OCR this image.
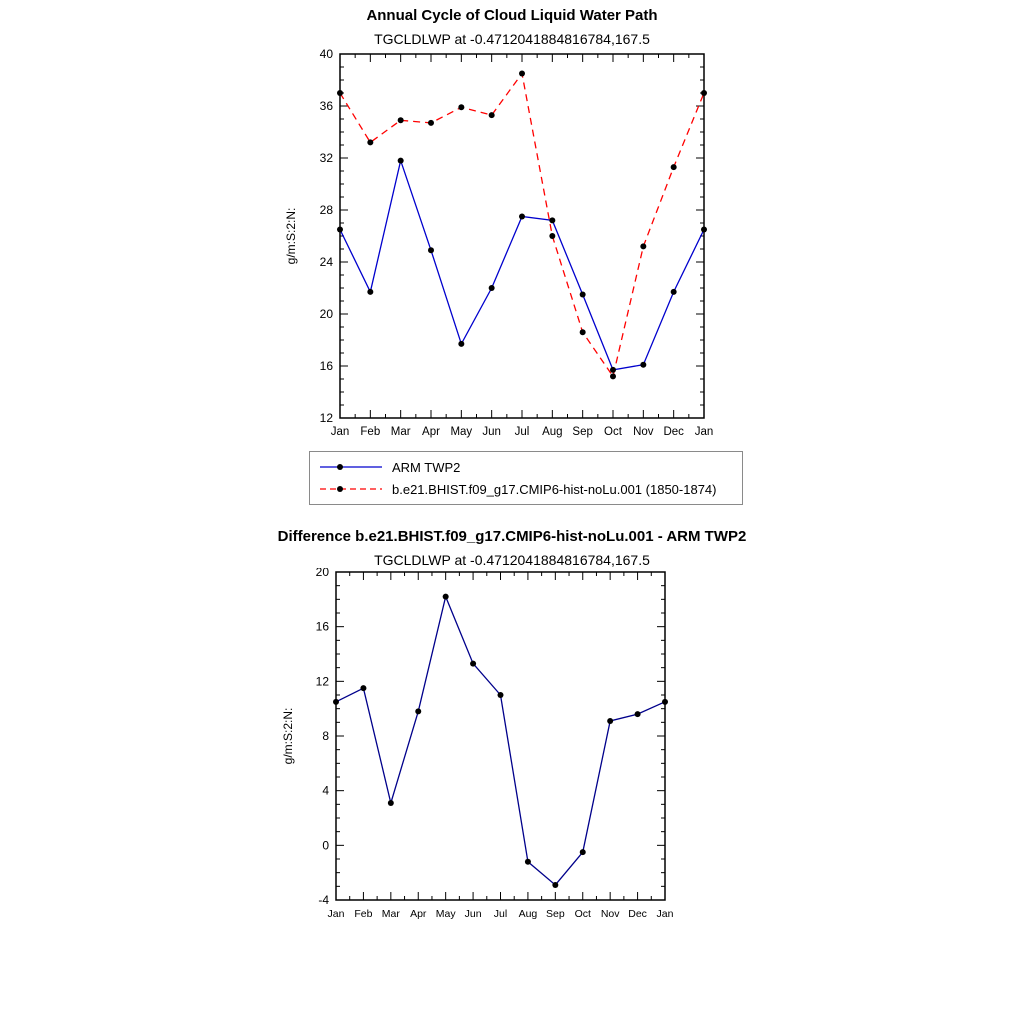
Annual Cycle of Cloud Liquid Water Path
TGCLDLWP at -0.4712041884816784,167.5
12
16
20
24
28
32
36
40
Jan Feb Mar Apr May Jun Jul Aug Sep Oct Nov Dec Jan
g/m:S:2:N:
ARM TWP2
b.e21.BHIST.f09_g17.CMIP6-hist-noLu.001 (1850-1874)
Difference b.e21.BHIST.f09_g17.CMIP6-hist-noLu.001 - ARM TWP2
TGCLDLWP at -0.4712041884816784,167.5
-4
0
4
8
12
16
20
Jan Feb Mar Apr May Jun Jul Aug Sep Oct Nov Dec Jan
g/m:S:2:N:
